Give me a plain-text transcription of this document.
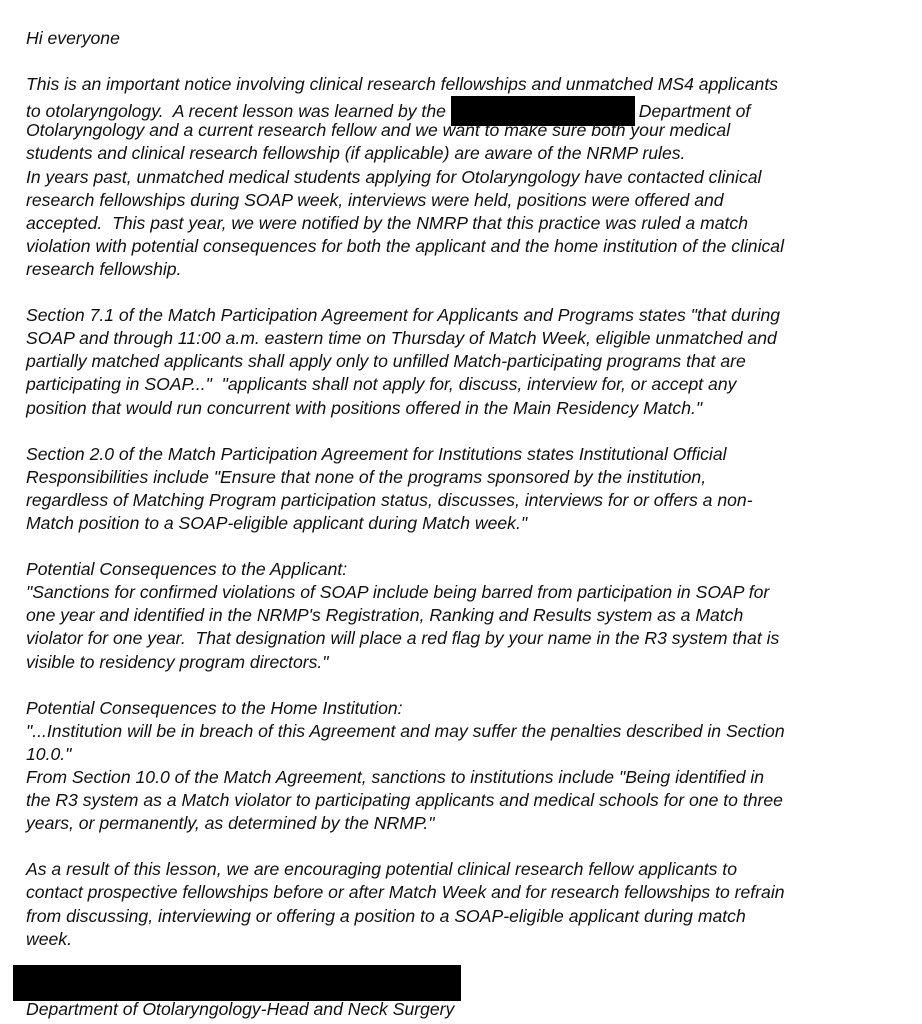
Hi everyone
This is an important notice involving clinical research fellowships and unmatched MS4 applicants
to otolaryngology.  A recent lesson was learned by the	Department of
Otolaryngology and a current research fellow and we want to make sure both your medical
students and clinical research fellowship (if applicable) are aware of the NRMP rules.
In years past, unmatched medical students applying for Otolaryngology have contacted clinical
research fellowships during SOAP week, interviews were held, positions were offered and
accepted.  This past year, we were notified by the NMRP that this practice was ruled a match
violation with potential consequences for both the applicant and the home institution of the clinical
research fellowship.
Section 7.1 of the Match Participation Agreement for Applicants and Programs states "that during
SOAP and through 11:00 a.m. eastern time on Thursday of Match Week, eligible unmatched and
partially matched applicants shall apply only to unfilled Match-participating programs that are
participating in SOAP..."  "applicants shall not apply for, discuss, interview for, or accept any
position that would run concurrent with positions offered in the Main Residency Match."
Section 2.0 of the Match Participation Agreement for Institutions states Institutional Official
Responsibilities include "Ensure that none of the programs sponsored by the institution,
regardless of Matching Program participation status, discusses, interviews for or offers a non-
Match position to a SOAP-eligible applicant during Match week."
Potential Consequences to the Applicant:
"Sanctions for confirmed violations of SOAP include being barred from participation in SOAP for
one year and identified in the NRMP's Registration, Ranking and Results system as a Match
violator for one year.  That designation will place a red flag by your name in the R3 system that is
visible to residency program directors."
Potential Consequences to the Home Institution:
"...Institution will be in breach of this Agreement and may suffer the penalties described in Section
10.0."
From Section 10.0 of the Match Agreement, sanctions to institutions include "Being identified in
the R3 system as a Match violator to participating applicants and medical schools for one to three
years, or permanently, as determined by the NRMP."
As a result of this lesson, we are encouraging potential clinical research fellow applicants to
contact prospective fellowships before or after Match Week and for research fellowships to refrain
from discussing, interviewing or offering a position to a SOAP-eligible applicant during match
week.
Department of Otolaryngology-Head and Neck Surgery
